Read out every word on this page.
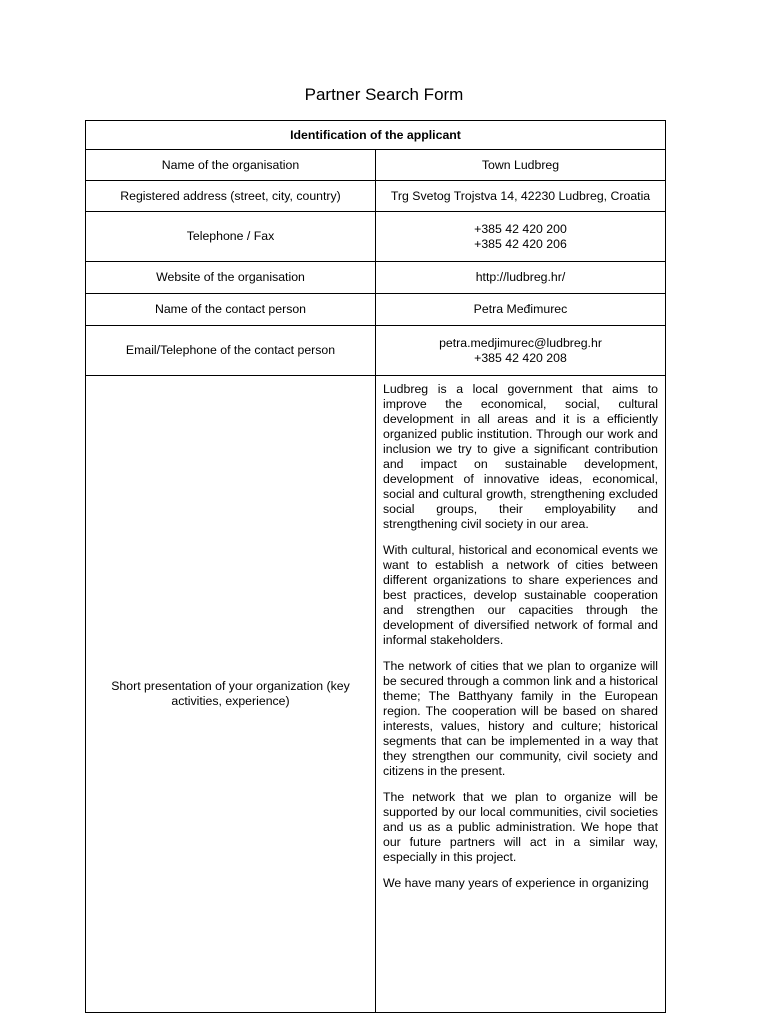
Partner Search Form
Identification of the applicant	
Name of the organisation	Town Ludbreg
Registered address (street, city, country)	Trg Svetog Trojstva 14, 42230 Ludbreg, Croatia
Telephone / Fax	+385 42 420 200
+385 42 420 206

Website of the organisation	http://ludbreg.hr/
Name of the contact person	Petra Međimurec
Email/Telephone of the contact person	petra.medjimurec@ludbreg.hr
+385 42 420 208

Short presentation of your organization (key activities, experience)	Ludbreg is a local government that aims to improve the economical, social, cultural development in all areas and it is a efficiently organized public institution. Through our work and inclusion we try to give a significant contribution and impact on sustainable development, development of innovative ideas, economical, social and cultural growth, strengthening excluded social groups, their employability and strengthening civil society in our area.

With cultural, historical and economical events we want to establish a network of cities between different organizations to share experiences and best practices, develop sustainable cooperation and strengthen our capacities through the development of diversified network of formal and informal stakeholders.

The network of cities that we plan to organize will be secured through a common link and a historical theme; The Batthyany family in the European region. The cooperation will be based on shared interests, values, history and culture; historical segments that can be implemented in a way that they strengthen our community, civil society and citizens in the present.

The network that we plan to organize will be supported by our local communities, civil societies and us as a public administration. We hope that our future partners will act in a similar way, especially in this project.

We have many years of experience in organizing
